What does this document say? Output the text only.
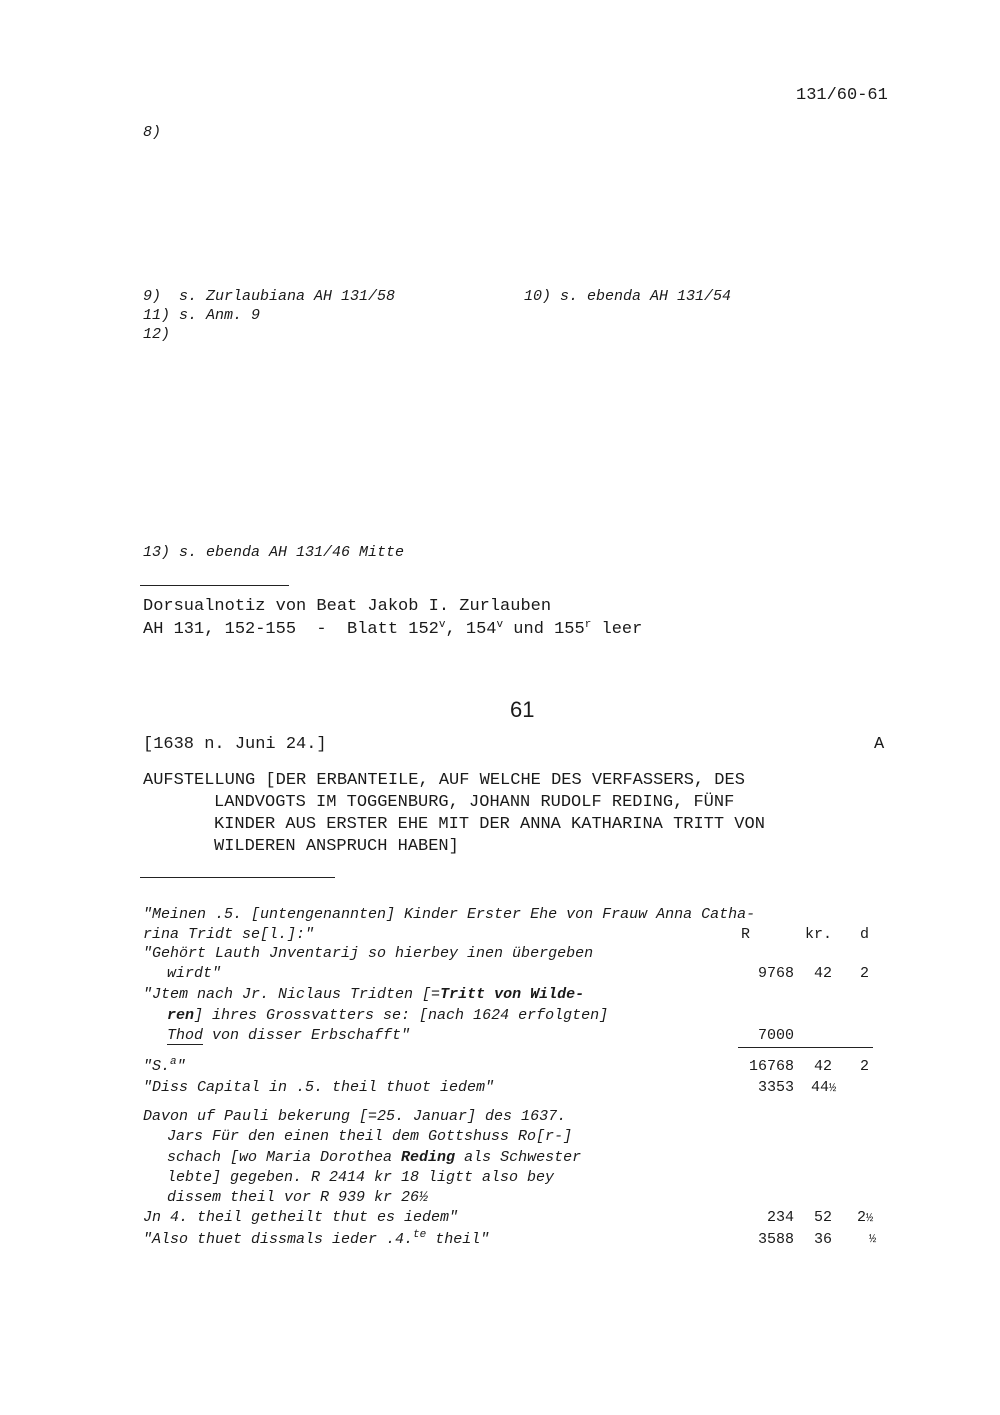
131/60-61
8)
9)  s. Zurlaubiana AH 131/58	10) s. ebenda AH 131/54
11) s. Anm. 9
12)
13) s. ebenda AH 131/46 Mitte
Dorsualnotiz von Beat Jakob I. Zurlauben
AH 131, 152-155  -  Blatt 152$^v$, 154$^v$ und 155$^r$ leer
61
[1638 n. Juni 24.]	A
AUFSTELLUNG [DER ERBANTEILE, AUF WELCHE DES VERFASSERS, DES
LANDVOGTS IM TOGGENBURG, JOHANN RUDOLF REDING, FÜNF
KINDER AUS ERSTER EHE MIT DER ANNA KATHARINA TRITT VON
WILDEREN ANSPRUCH HABEN]
"Meinen .5. [untengenannten] Kinder Erster Ehe von Frauw Anna Catha-
rina Tridt se[l.]:"	R	kr.	d
"Gehört Lauth Jnventarij so hierbey inen übergeben
wirdt"	9768	42	2
"Jtem nach Jr. Niclaus Tridten [=Tritt von Wilde-
ren] ihres Grossvatters se: [nach 1624 erfolgten]
Thod von disser Erbschafft"	7000
"S.$^a$"	16768	42	2
"Diss Capital in .5. theil thuot iedem"	3353 44½
Davon uf Pauli bekerung [=25. Januar] des 1637.
Jars Für den einen theil dem Gottshuss Ro[r-]
schach [wo Maria Dorothea Reding als Schwester
lebte] gegeben. R 2414 kr 18 ligtt also bey
dissem theil vor R 939 kr 26½
Jn 4. theil getheilt thut es iedem"	234	52 2½
"Also thuet dissmals ieder .4.$^{te}$ theil"	3588	36	½
